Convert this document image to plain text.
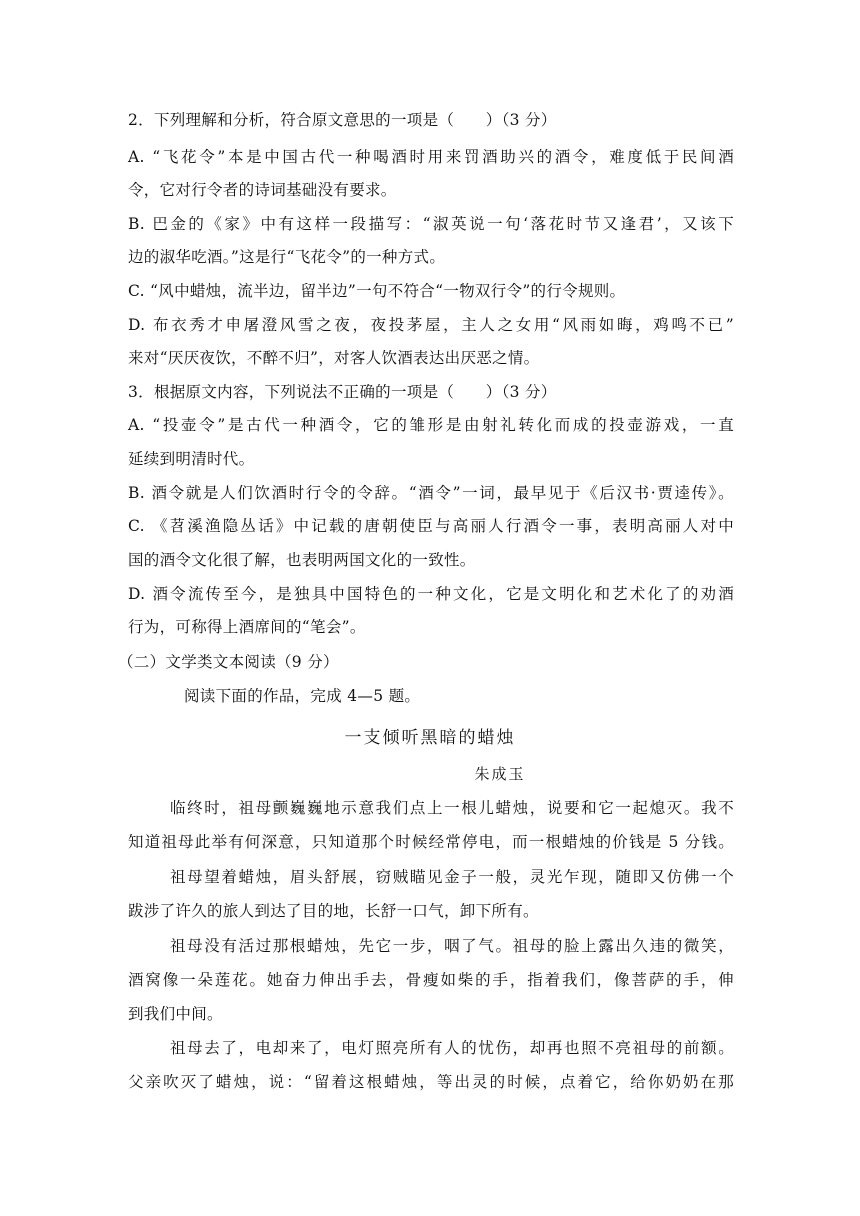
2．下列理解和分析，符合原文意思的一项是（　　）（3 分）
A. “飞花令”本是中国古代一种喝酒时用来罚酒助兴的酒令，难度低于民间酒
令，它对行令者的诗词基础没有要求。
B. 巴金的《家》中有这样一段描写：“淑英说一句‘落花时节又逢君’，又该下
边的淑华吃酒。”这是行“飞花令”的一种方式。
C. “风中蜡烛，流半边，留半边”一句不符合“一物双行令”的行令规则。
D. 布衣秀才申屠澄风雪之夜，夜投茅屋，主人之女用“风雨如晦，鸡鸣不已”
来对“厌厌夜饮，不醉不归”，对客人饮酒表达出厌恶之情。
3．根据原文内容，下列说法不正确的一项是（　　）（3 分）
A. “投壶令”是古代一种酒令，它的雏形是由射礼转化而成的投壶游戏，一直
延续到明清时代。
B. 酒令就是人们饮酒时行令的令辞。“酒令”一词，最早见于《后汉书·贾逵传》。
C. 《苕溪渔隐丛话》中记载的唐朝使臣与高丽人行酒令一事，表明高丽人对中
国的酒令文化很了解，也表明两国文化的一致性。
D. 酒令流传至今，是独具中国特色的一种文化，它是文明化和艺术化了的劝酒
行为，可称得上酒席间的“笔会”。
（二）文学类文本阅读（9 分）
阅读下面的作品，完成 4—5 题。
一支倾听黑暗的蜡烛
朱成玉
临终时，祖母颤巍巍地示意我们点上一根儿蜡烛，说要和它一起熄灭。我不
知道祖母此举有何深意，只知道那个时候经常停电，而一根蜡烛的价钱是 5 分钱。
祖母望着蜡烛，眉头舒展，窃贼瞄见金子一般，灵光乍现，随即又仿佛一个
跋涉了许久的旅人到达了目的地，长舒一口气，卸下所有。
祖母没有活过那根蜡烛，先它一步，咽了气。祖母的脸上露出久违的微笑，
酒窝像一朵莲花。她奋力伸出手去，骨瘦如柴的手，指着我们，像菩萨的手，伸
到我们中间。
祖母去了，电却来了，电灯照亮所有人的忧伤，却再也照不亮祖母的前额。
父亲吹灭了蜡烛，说：“留着这根蜡烛，等出灵的时候，点着它，给你奶奶在那
